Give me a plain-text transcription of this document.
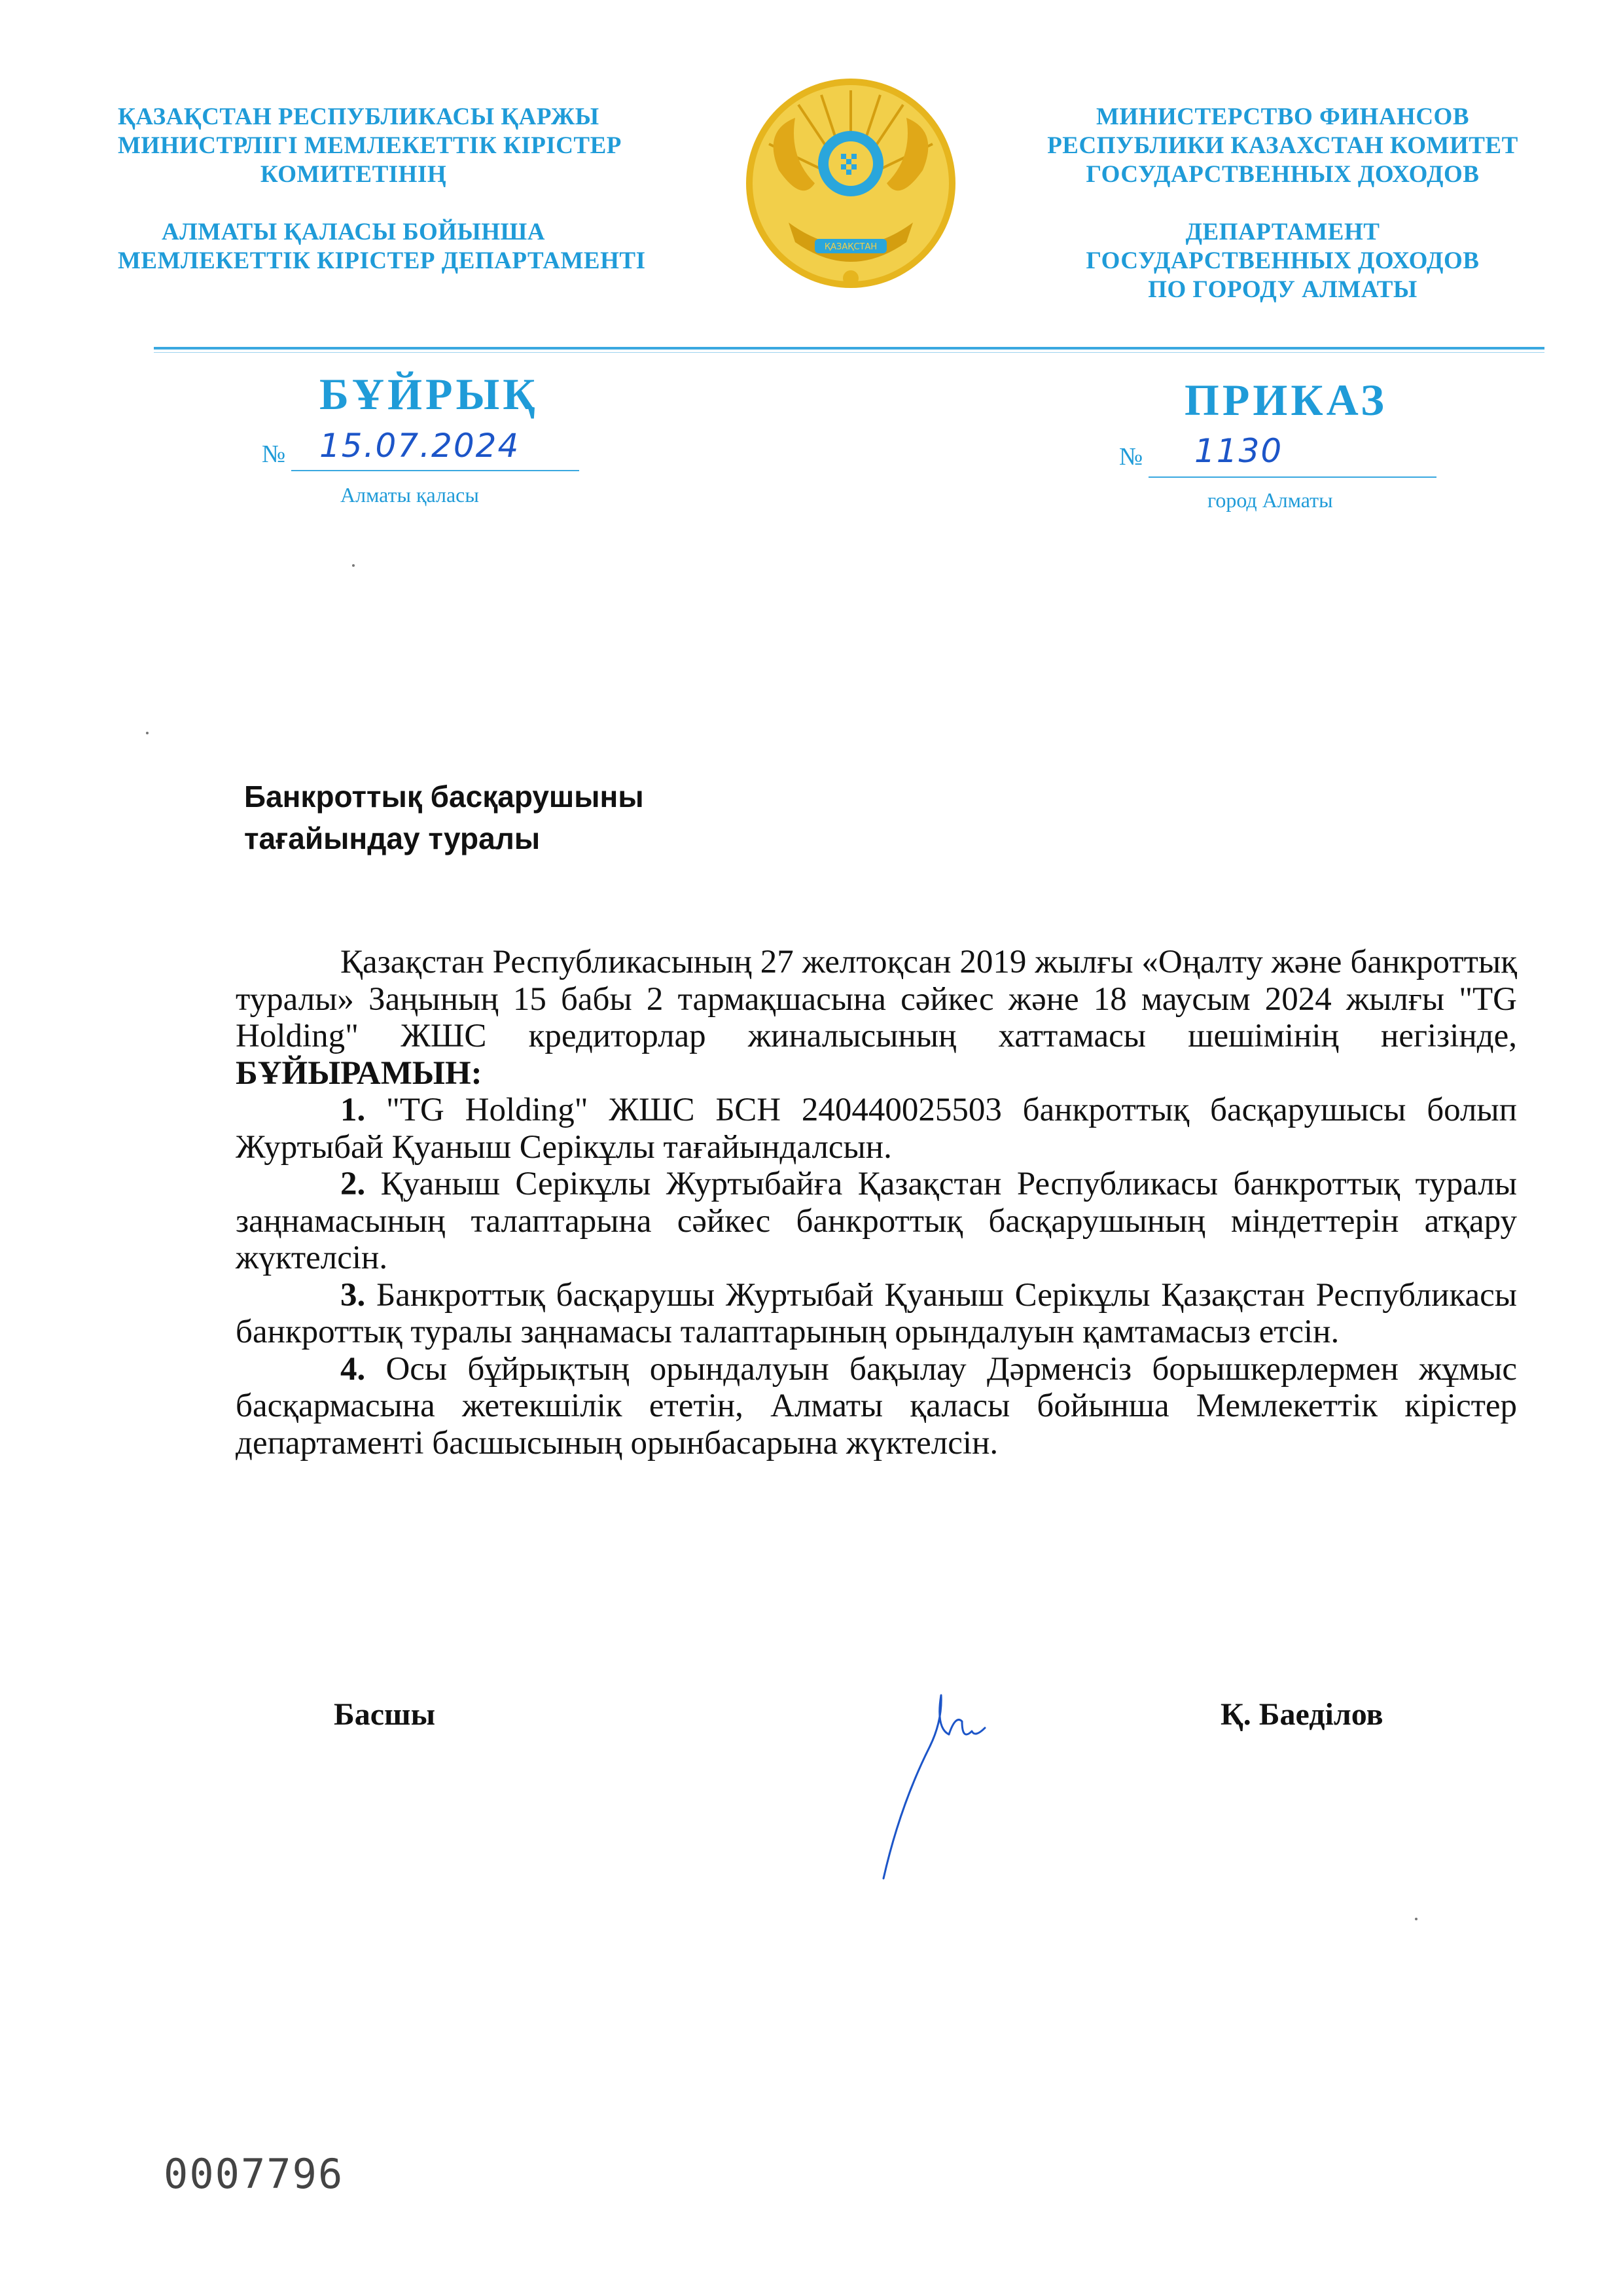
ҚАЗАҚСТАН РЕСПУБЛИКАСЫ ҚАРЖЫ
МИНИСТРЛІГІ МЕМЛЕКЕТТІК КІРІСТЕР
КОМИТЕТІНІҢ
АЛМАТЫ ҚАЛАСЫ БОЙЫНША
МЕМЛЕКЕТТІК КІРІСТЕР ДЕПАРТАМЕНТІ
ҚАЗАҚСТАН
МИНИСТЕРСТВО ФИНАНСОВ
РЕСПУБЛИКИ КАЗАХСТАН КОМИТЕТ
ГОСУДАРСТВЕННЫХ ДОХОДОВ
ДЕПАРТАМЕНТ
ГОСУДАРСТВЕННЫХ ДОХОДОВ
ПО ГОРОДУ АЛМАТЫ
БҰЙРЫҚ	ПРИКАЗ
№ 15.07.2024
Алматы қаласы
№ 1130
город Алматы
Банкроттық басқарушыны
тағайындау туралы

Қазақстан Республикасының 27 желтоқсан 2019 жылғы «Оңалту және банкроттық туралы» Заңының 15 бабы 2 тармақшасына сәйкес және 18 маусым 2024 жылғы "TG Holding" ЖШС кредиторлар жиналысының хаттамасы шешімінің негізінде, БҰЙЫРАМЫН:

1. "TG Holding" ЖШС БСН 240440025503 банкроттық басқарушысы болып Журтыбай Қуаныш Серікұлы тағайындалсын.

2. Қуаныш Серікұлы Журтыбайға Қазақстан Республикасы банкроттық туралы заңнамасының талаптарына сәйкес банкроттық басқарушының міндеттерін атқару жүктелсін.

3. Банкроттық басқарушы Журтыбай Қуаныш Серікұлы Қазақстан Республикасы банкроттық туралы заңнамасы талаптарының орындалуын қамтамасыз етсін.

4. Осы бұйрықтың орындалуын бақылау Дәрменсіз борышкерлермен жұмыс басқармасына жетекшілік ететін, Алматы қаласы бойынша Мемлекеттік кірістер департаменті басшысының орынбасарына жүктелсін.

Басшы	Қ. Баеділов
0007796
